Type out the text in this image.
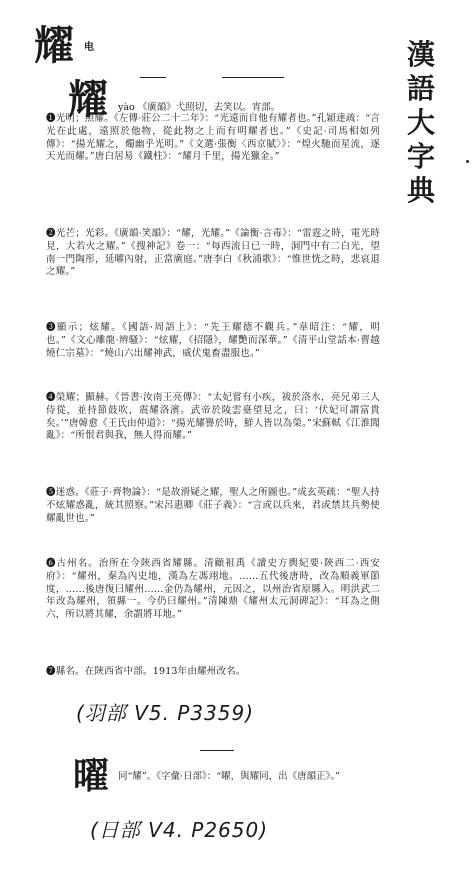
耀 电	漢語大字典
耀 yào 《廣韻》弋照切，去笑以。宵部。

❶光明；照耀。《左傳·莊公二十二年》：“光遠而自他有耀者也。”孔穎達疏：“言光在此處，遠照於他物，從此物之上而有明耀者也。”《史記·司馬相如列傳》：“揚光耀之，燭幽乎光明。”《文選·張衡〈西京賦〉》：“煌火馳而星流，逐天光而耀。”唐白居易《鐵柱》：“耀月千里，揚光獵金。”

❷光芒；光彩。《廣韻·笑韻》：“耀，光耀。”《論衡·言毒》：“雷霆之時，電光時見，大若火之耀。”《搜神記》卷一：“每西流日已一時，洞門中有二白光，望南一門陶彤，延曜內射，正當廣庭。”唐李白《秋浦歌》：“惟世恍之時，悲哀退之耀。”

❸顯示；炫耀。《國語·周語上》：“先王耀德不觀兵。”韋昭注：“耀，明也。”《文心雕龍·辨騷》：“炫耀，《招隱》，耀艷而深華。”《清平山堂話本·曹越燒仁宗墓》：“燒山六出耀神武，威伏鬼畜盡服也。”

❹榮耀；顯赫。《晉書·汝南王亮傳》：“太妃嘗有小疾，祓於洛水，亮兄弟三人侍從，並持節鼓吹，震耀洛濱。武帝於陵雲臺望見之，曰：‘伏妃可謂富貴矣。’”唐韓愈《王氏由仲道》：“揚光耀譽於時，鮮人皆以為榮。”宋蘇軾《江淮聞亂》：“所恨君與我，無人得而耀。”

❺迷惑。《莊子·齊物論》：“是故滑疑之耀，聖人之所圖也。”成玄英疏：“聖人持不炫耀惑亂，統其照察。”宋呂惠卿《莊子義》：“言或以兵來，君或禁其兵勢使耀亂世也。”

❻古州名。治所在今陝西省耀縣。清顧祖禹《讀史方輿紀要·陝西二·西安府》：“耀州，秦為內史地，漢為左馮翊地。……五代後唐時，改為順義軍節度，……後唐復曰耀州……金仍為耀州，元因之，以州治省原縣入。明洪武二年改為耀州，領縣一。今仍曰耀州。”清陳鼎《耀州太元洞碑記》：“耳為之側六，所以將其耀，余謂將耳地。”

❼縣名。在陝西省中部。1913年由耀州改名。

(羽部 V5. P3359)
曜 同“耀”。《字彙·日部》：“曜，與耀同，出《唐韻正》。”
(日部 V4. P2650)
